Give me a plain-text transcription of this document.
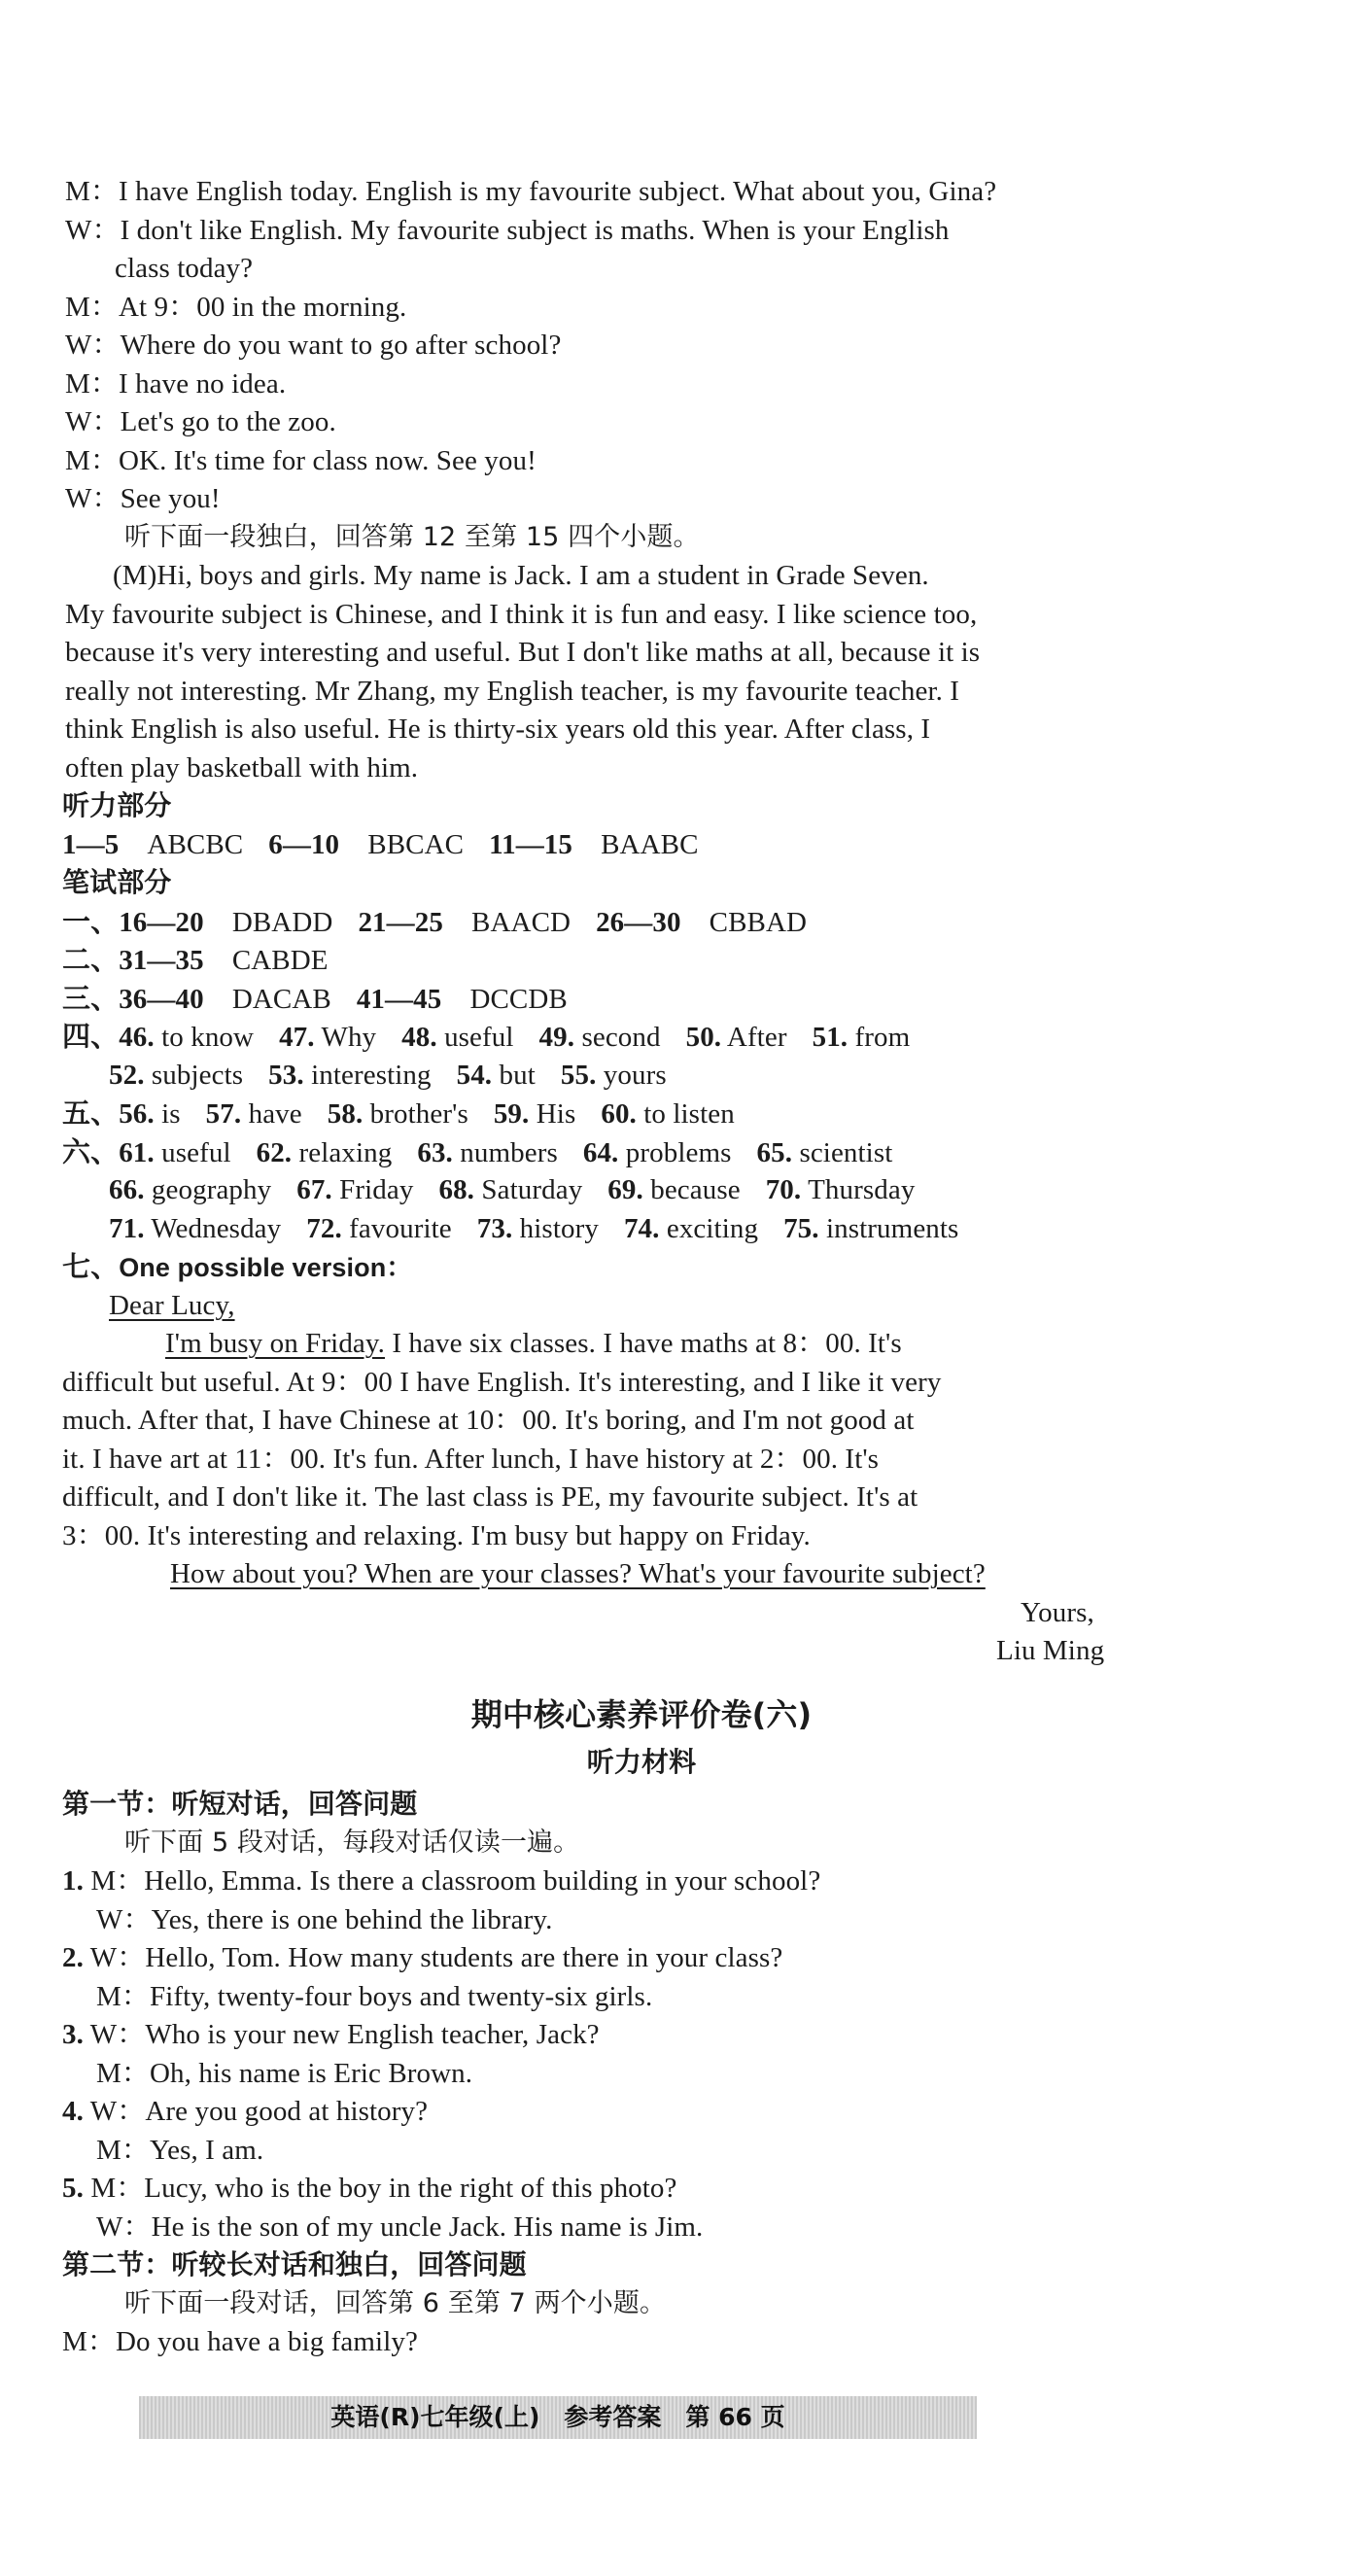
M：I have English today. English is my favourite subject. What about you, Gina?
W：I don't like English. My favourite subject is maths. When is your English
class today?
M：At 9：00 in the morning.
W：Where do you want to go after school?
M：I have no idea.
W：Let's go to the zoo.
M：OK. It's time for class now. See you!
W：See you!
听下面一段独白，回答第 12 至第 15 四个小题。
(M)Hi, boys and girls. My name is Jack. I am a student in Grade Seven.
My favourite subject is Chinese, and I think it is fun and easy. I like science too,
because it's very interesting and useful. But I don't like maths at all, because it is
really not interesting. Mr Zhang, my English teacher, is my favourite teacher. I
think English is also useful. He is thirty-six years old this year. After class, I
often play basketball with him.
听力部分
1—5　 ABCBC 6—10　 BBCAC 11—15　 BAABC
笔试部分
一、16—20　 DBADD 21—25　 BAACD 26—30　 CBBAD
二、31—35　 CABDE
三、36—40　 DACAB 41—45　 DCCDB
四、46. to know 47. Why 48. useful 49. second 50. After 51. from
52. subjects 53. interesting 54. but 55. yours
五、56. is 57. have 58. brother's 59. His 60. to listen
六、61. useful 62. relaxing 63. numbers 64. problems 65. scientist
66. geography 67. Friday 68. Saturday 69. because 70. Thursday
71. Wednesday 72. favourite 73. history 74. exciting 75. instruments
七、One possible version：
Dear Lucy,
I'm busy on Friday. I have six classes. I have maths at 8：00. It's
difficult but useful. At 9：00 I have English. It's interesting, and I like it very
much. After that, I have Chinese at 10：00. It's boring, and I'm not good at
it. I have art at 11：00. It's fun. After lunch, I have history at 2：00. It's
difficult, and I don't like it. The last class is PE, my favourite subject. It's at
3：00. It's interesting and relaxing. I'm busy but happy on Friday.
How about you? When are your classes? What's your favourite subject?
Yours,
Liu Ming
期中核心素养评价卷(六)
听力材料
第一节：听短对话，回答问题
听下面 5 段对话，每段对话仅读一遍。
1. M：Hello, Emma. Is there a classroom building in your school?
W：Yes, there is one behind the library.
2. W：Hello, Tom. How many students are there in your class?
M：Fifty, twenty-four boys and twenty-six girls.
3. W：Who is your new English teacher, Jack?
M：Oh, his name is Eric Brown.
4. W：Are you good at history?
M：Yes, I am.
5. M：Lucy, who is the boy in the right of this photo?
W：He is the son of my uncle Jack. His name is Jim.
第二节：听较长对话和独白，回答问题
听下面一段对话，回答第 6 至第 7 两个小题。
M：Do you have a big family?
英语(R)七年级(上)　参考答案　第 66 页
